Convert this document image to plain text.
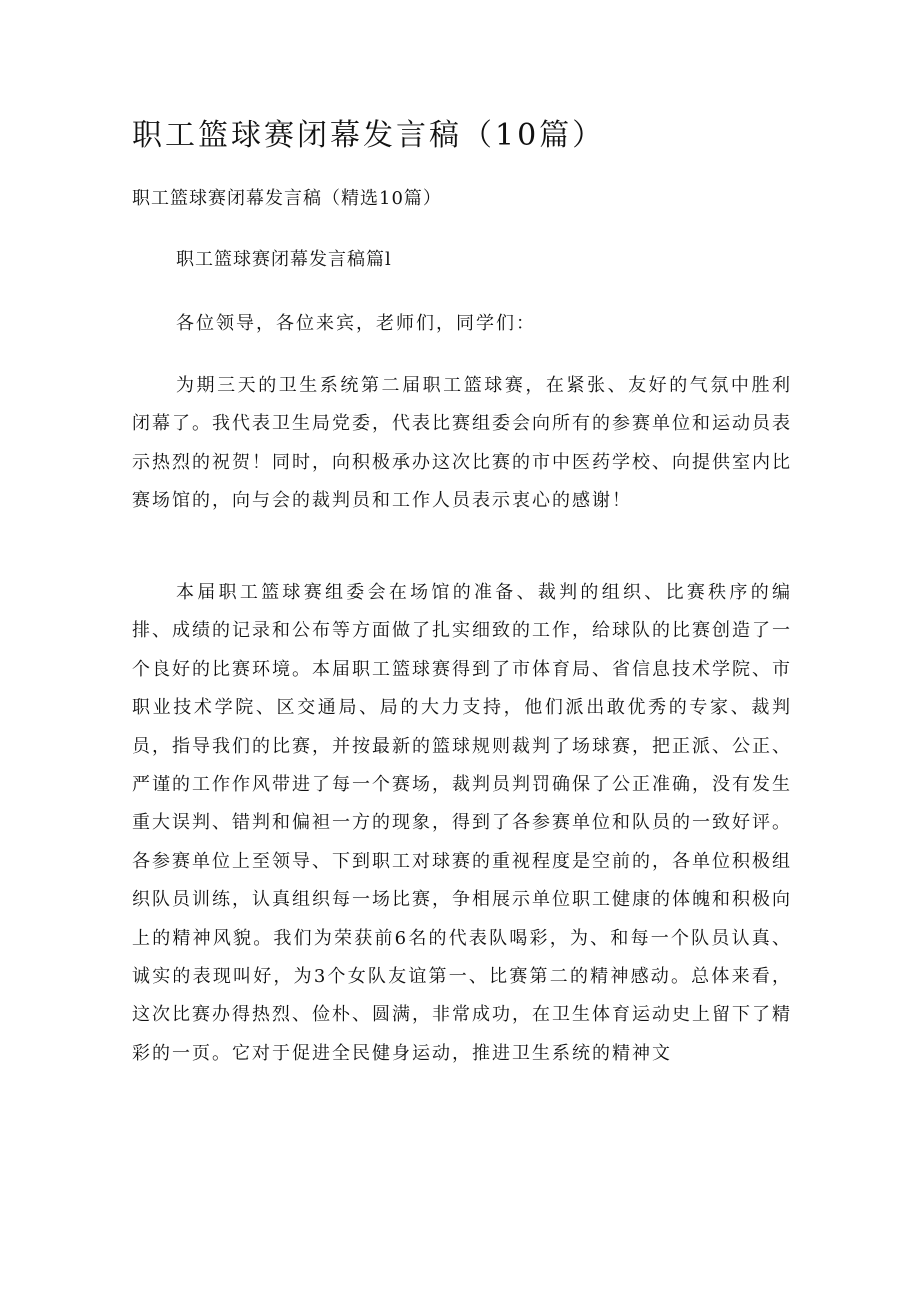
职工篮球赛闭幕发言稿（10篇）

职工篮球赛闭幕发言稿（精选10篇）

职工篮球赛闭幕发言稿篇l

各位领导，各位来宾，老师们，同学们：

为期三天的卫生系统第二届职工篮球赛，在紧张、友好的气氛中胜利闭幕了。我代表卫生局党委，代表比赛组委会向所有的参赛单位和运动员表示热烈的祝贺！同时，向积极承办这次比赛的市中医药学校、向提供室内比赛场馆的，向与会的裁判员和工作人员表示衷心的感谢！

本届职工篮球赛组委会在场馆的准备、裁判的组织、比赛秩序的编排、成绩的记录和公布等方面做了扎实细致的工作，给球队的比赛创造了一个良好的比赛环境。本届职工篮球赛得到了市体育局、省信息技术学院、市职业技术学院、区交通局、局的大力支持，他们派出敢优秀的专家、裁判员，指导我们的比赛，并按最新的篮球规则裁判了场球赛，把正派、公正、严谨的工作作风带进了每一个赛场，裁判员判罚确保了公正准确，没有发生重大误判、错判和偏袒一方的现象，得到了各参赛单位和队员的一致好评。各参赛单位上至领导、下到职工对球赛的重视程度是空前的，各单位积极组织队员训练，认真组织每一场比赛，争相展示单位职工健康的体魄和积极向上的精神风貌。我们为荣获前6名的代表队喝彩，为、和每一个队员认真、诚实的表现叫好，为3个女队友谊第一、比赛第二的精神感动。总体来看，这次比赛办得热烈、俭朴、圆满，非常成功，在卫生体育运动史上留下了精彩的一页。它对于促进全民健身运动，推进卫生系统的精神文
